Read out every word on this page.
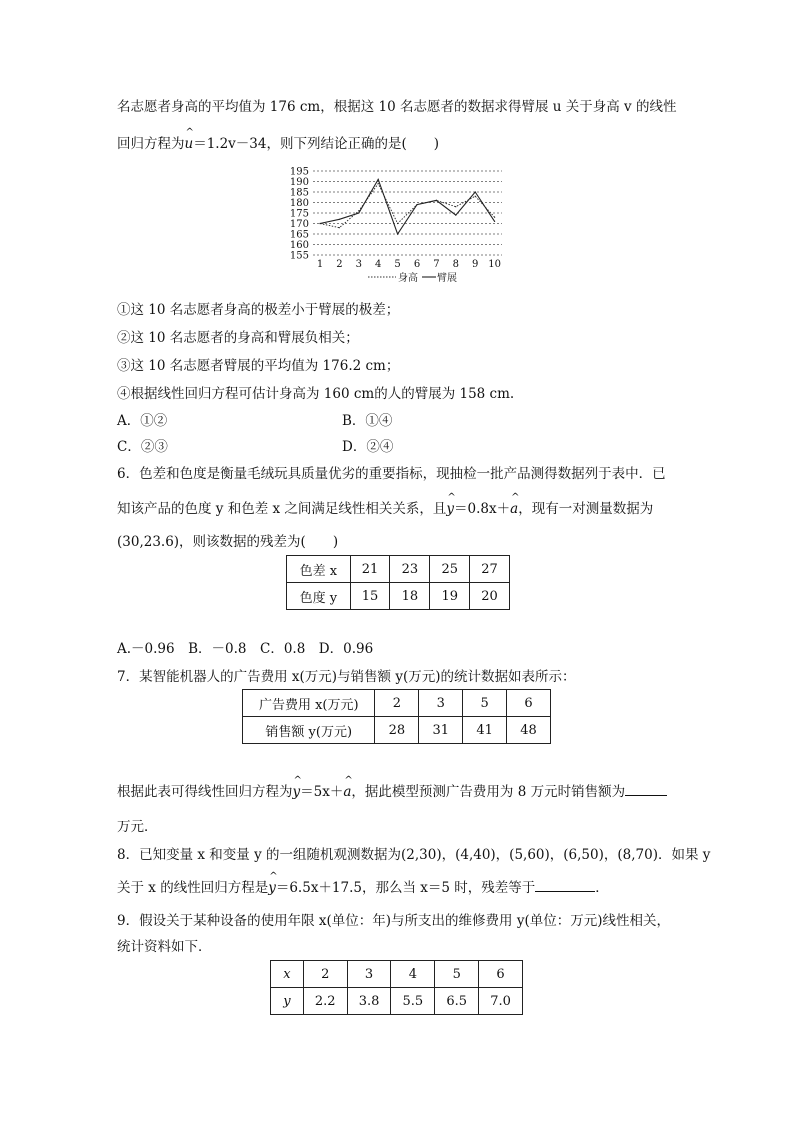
名志愿者身高的平均值为 176 cm，根据这 10 名志愿者的数据求得臂展 u 关于身高 v 的线性
回归方程为^ u＝1.2v－34，则下列结论正确的是(　　)
155
160
165
170
175
180
185
190
195
1 2 3 4 5 6 7 8 9 10
身高 臂展
①这 10 名志愿者身高的极差小于臂展的极差；
②这 10 名志愿者的身高和臂展负相关；
③这 10 名志愿者臂展的平均值为 176.2 cm；
④根据线性回归方程可估计身高为 160 cm的人的臂展为 158 cm.
A．①②	B．①④
C．②③	D．②④
6．色差和色度是衡量毛绒玩具质量优劣的重要指标，现抽检一批产品测得数据列于表中．已
知该产品的色度 y 和色差 x 之间满足线性相关关系，且^ y＝0.8x＋^ a，现有一对测量数据为
(30,23.6)，则该数据的残差为(　　)
色差 x	21	23	25	27
色度 y	15	18	19	20
A.－0.96　B．－0.8　C．0.8　D．0.96
7．某智能机器人的广告费用 x(万元)与销售额 y(万元)的统计数据如表所示：
广告费用 x(万元)	2	3	5	6
销售额 y(万元)	28	31	41	48
根据此表可得线性回归方程为^ y＝5x＋^ a，据此模型预测广告费用为 8 万元时销售额为
万元．
8．已知变量 x 和变量 y 的一组随机观测数据为(2,30)，(4,40)，(5,60)，(6,50)，(8,70)．如果 y
关于 x 的线性回归方程是^ y＝6.5x＋17.5，那么当 x＝5 时，残差等于	．
9．假设关于某种设备的使用年限 x(单位：年)与所支出的维修费用 y(单位：万元)线性相关，
统计资料如下．
x	2	3	4	5	6
y	2.2	3.8	5.5	6.5	7.0
